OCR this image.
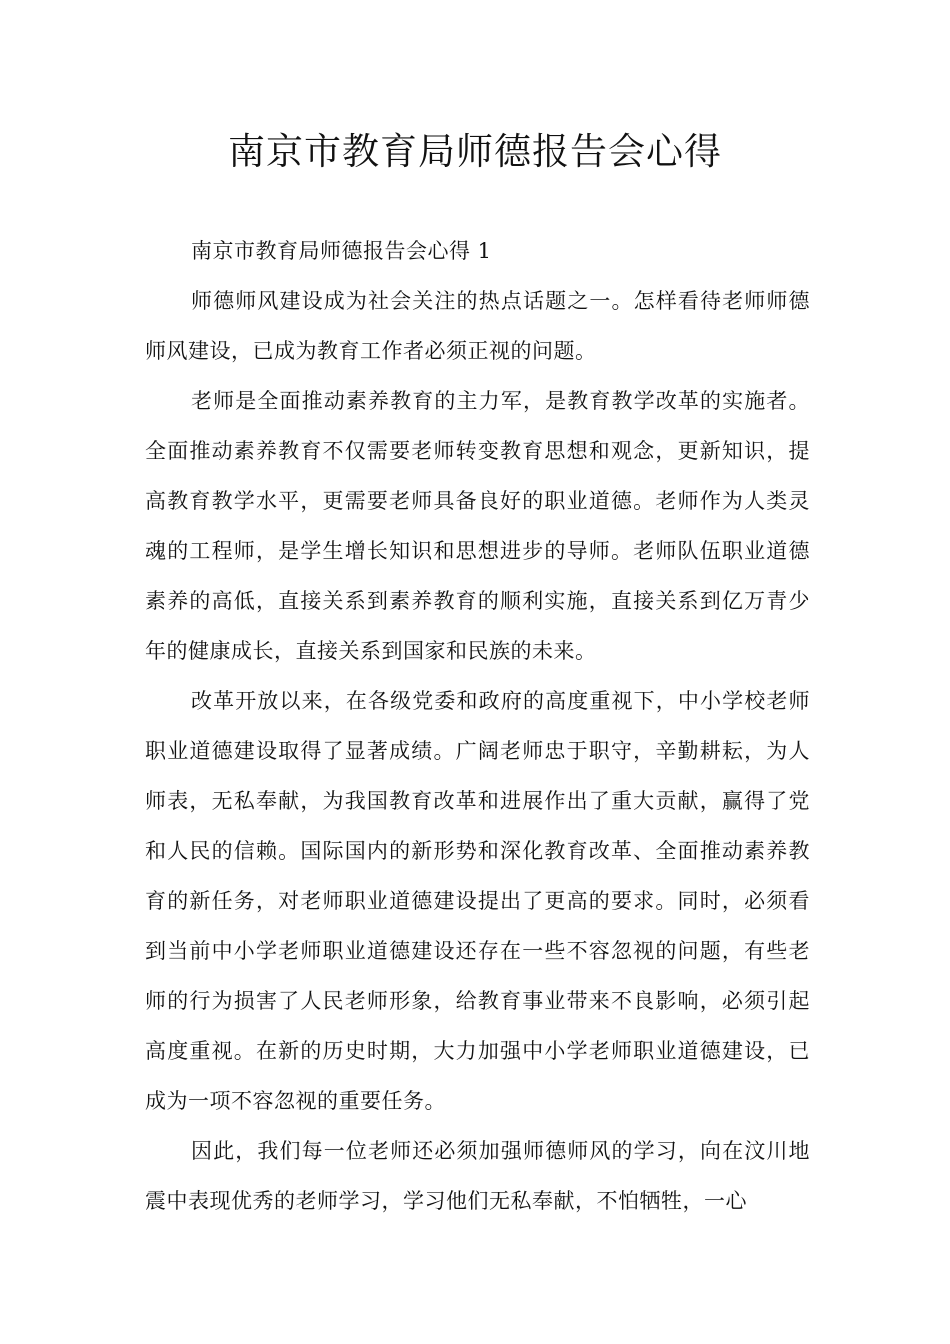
南京市教育局师德报告会心得

南京市教育局师德报告会心得 1

师德师风建设成为社会关注的热点话题之一。怎样看待老师师德师风建设，已成为教育工作者必须正视的问题。

老师是全面推动素养教育的主力军，是教育教学改革的实施者。全面推动素养教育不仅需要老师转变教育思想和观念，更新知识，提高教育教学水平，更需要老师具备良好的职业道德。老师作为人类灵魂的工程师，是学生增长知识和思想进步的导师。老师队伍职业道德素养的高低，直接关系到素养教育的顺利实施，直接关系到亿万青少年的健康成长，直接关系到国家和民族的未来。

改革开放以来，在各级党委和政府的高度重视下，中小学校老师职业道德建设取得了显著成绩。广阔老师忠于职守，辛勤耕耘，为人师表，无私奉献，为我国教育改革和进展作出了重大贡献，赢得了党和人民的信赖。国际国内的新形势和深化教育改革、全面推动素养教育的新任务，对老师职业道德建设提出了更高的要求。同时，必须看到当前中小学老师职业道德建设还存在一些不容忽视的问题，有些老师的行为损害了人民老师形象，给教育事业带来不良影响，必须引起高度重视。在新的历史时期，大力加强中小学老师职业道德建设，已成为一项不容忽视的重要任务。

因此，我们每一位老师还必须加强师德师风的学习，向在汶川地震中表现优秀的老师学习，学习他们无私奉献，不怕牺牲，一心
